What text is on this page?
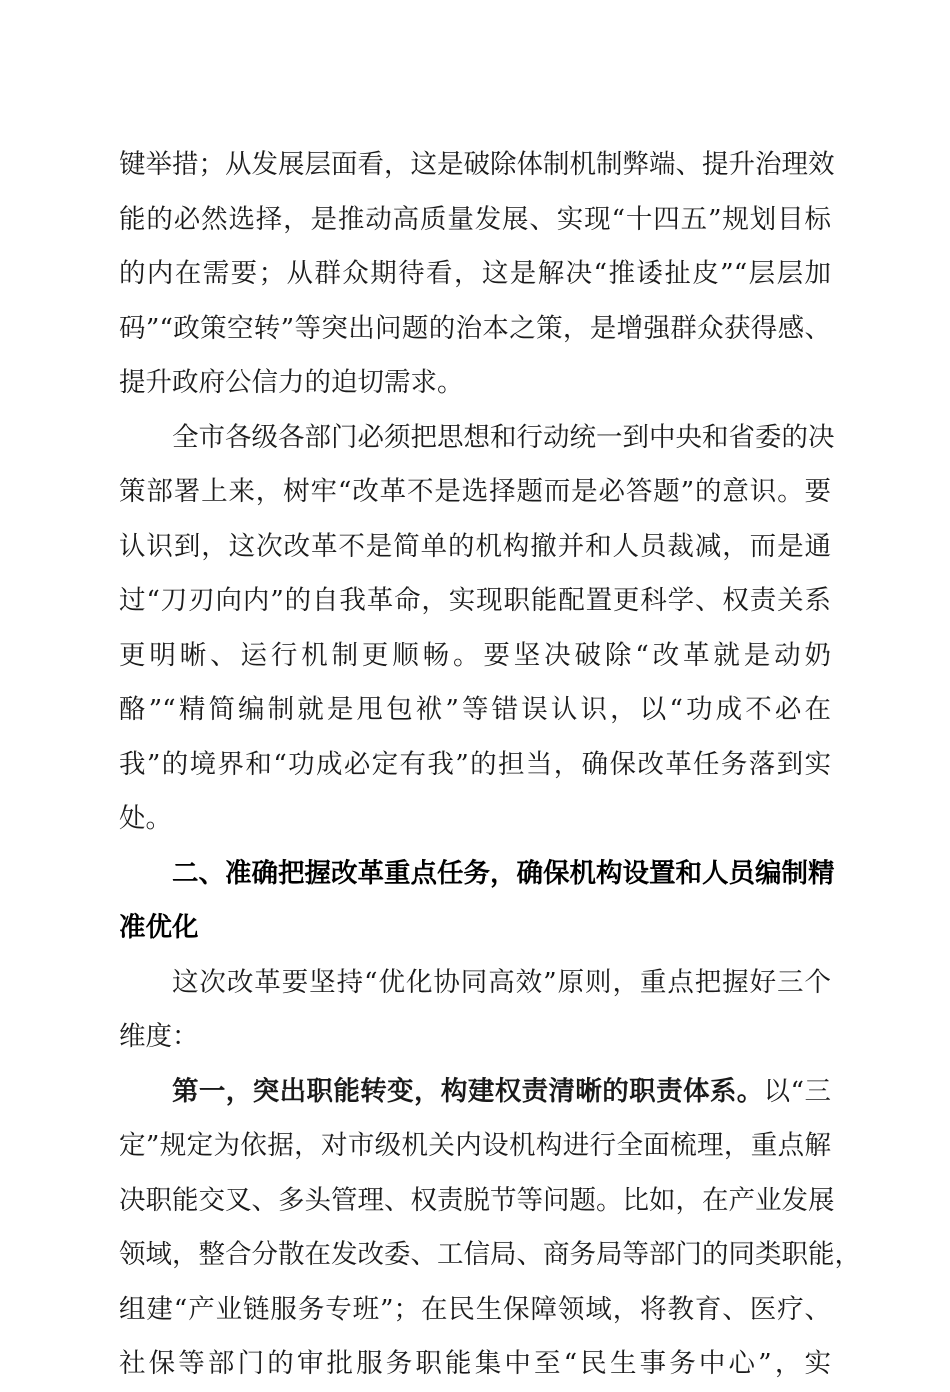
键举措；从发展层面看，这是破除体制机制弊端、提升治理效
能的必然选择，是推动高质量发展、实现“十四五”规划目标
的内在需要；从群众期待看，这是解决“推诿扯皮”“层层加
码”“政策空转”等突出问题的治本之策，是增强群众获得感、
提升政府公信力的迫切需求。
全市各级各部门必须把思想和行动统一到中央和省委的决
策部署上来，树牢“改革不是选择题而是必答题”的意识。要
认识到，这次改革不是简单的机构撤并和人员裁减，而是通
过“刀刃向内”的自我革命，实现职能配置更科学、权责关系
更明晰、运行机制更顺畅。要坚决破除“改革就是动奶
酪”“精简编制就是甩包袱”等错误认识，以“功成不必在
我”的境界和“功成必定有我”的担当，确保改革任务落到实
处。
二、准确把握改革重点任务，确保机构设置和人员编制精
准优化
这次改革要坚持“优化协同高效”原则，重点把握好三个
维度：
第一，突出职能转变，构建权责清晰的职责体系。以“三
定”规定为依据，对市级机关内设机构进行全面梳理，重点解
决职能交叉、多头管理、权责脱节等问题。比如，在产业发展
领域，整合分散在发改委、工信局、商务局等部门的同类职能，
组建“产业链服务专班”；在民生保障领域，将教育、医疗、
社保等部门的审批服务职能集中至“民生事务中心”，实
